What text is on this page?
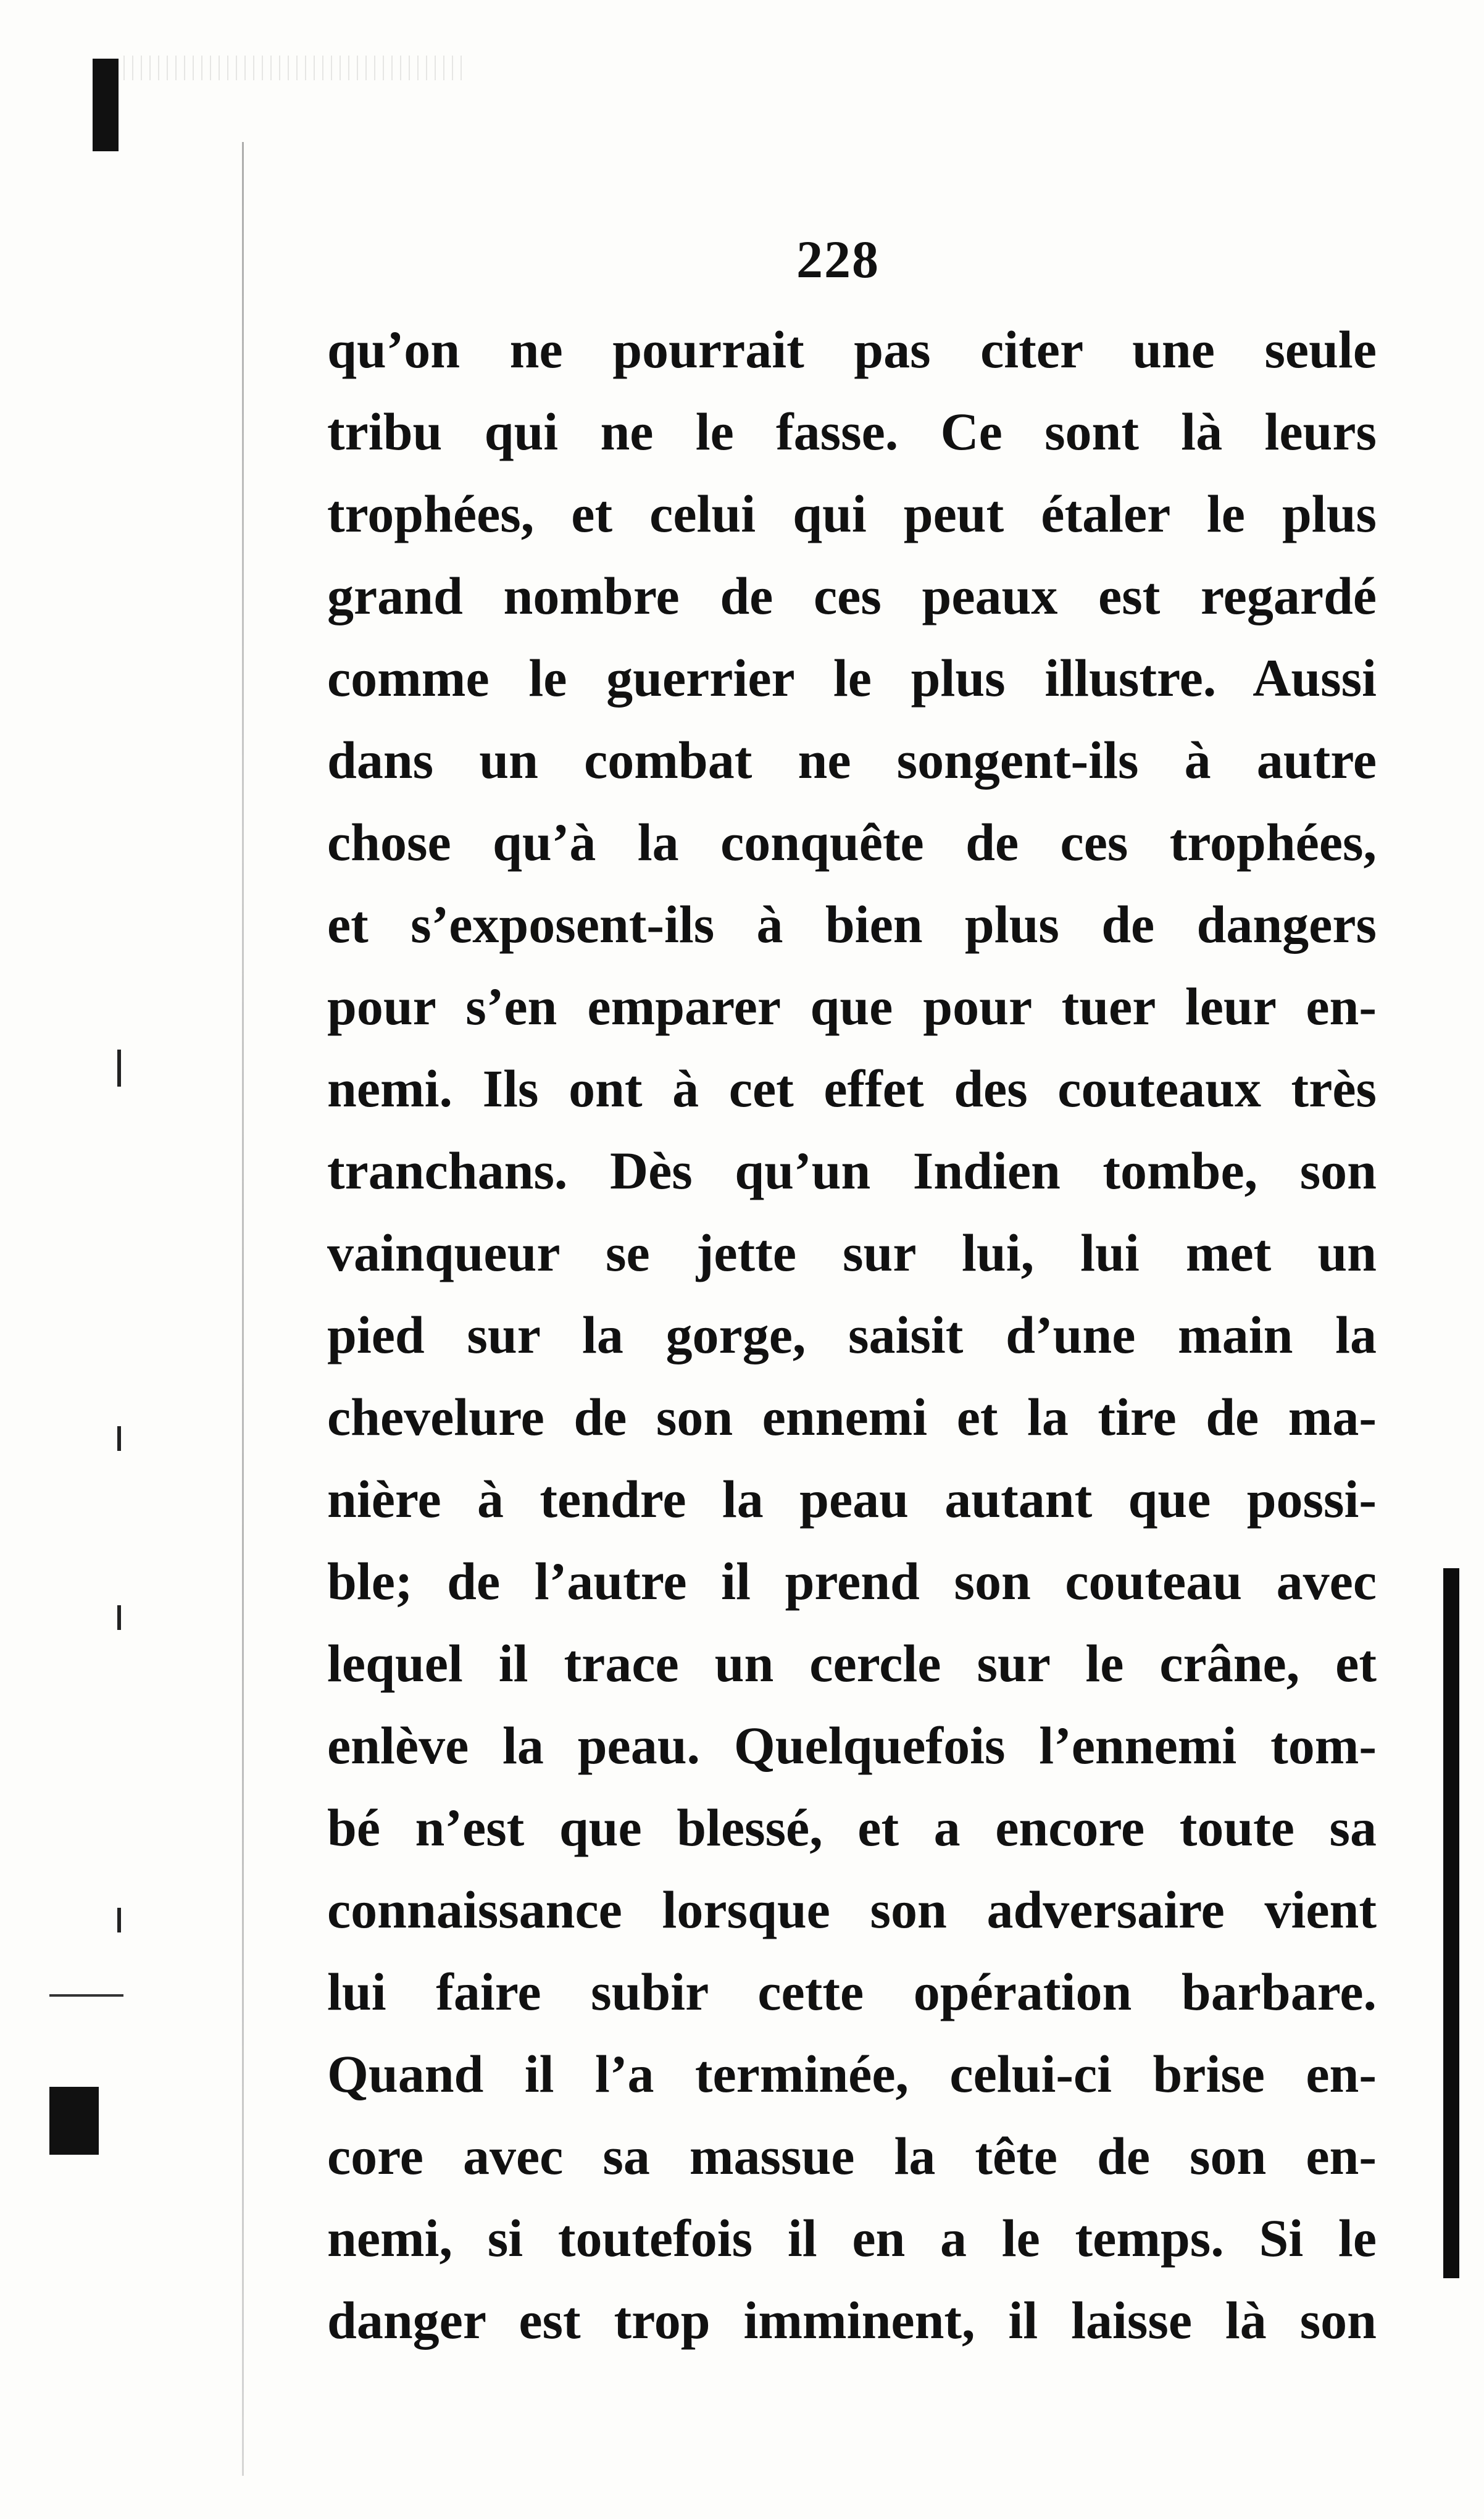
228
qu’on ne pourrait pas citer une seule
tribu qui ne le fasse. Ce sont là leurs
trophées, et celui qui peut étaler le plus
grand nombre de ces peaux est regardé
comme le guerrier le plus illustre. Aussi
dans un combat ne songent-ils à autre
chose qu’à la conquête de ces trophées,
et s’exposent-ils à bien plus de dangers
pour s’en emparer que pour tuer leur en-
nemi. Ils ont à cet effet des couteaux très
tranchans. Dès qu’un Indien tombe, son
vainqueur se jette sur lui, lui met un
pied sur la gorge, saisit d’une main la
chevelure de son ennemi et la tire de ma-
nière à tendre la peau autant que possi-
ble; de l’autre il prend son couteau avec
lequel il trace un cercle sur le crâne, et
enlève la peau. Quelquefois l’ennemi tom-
bé n’est que blessé, et a encore toute sa
connaissance lorsque son adversaire vient
lui faire subir cette opération barbare.
Quand il l’a terminée, celui-ci brise en-
core avec sa massue la tête de son en-
nemi, si toutefois il en a le temps. Si le
danger est trop imminent, il laisse là son
